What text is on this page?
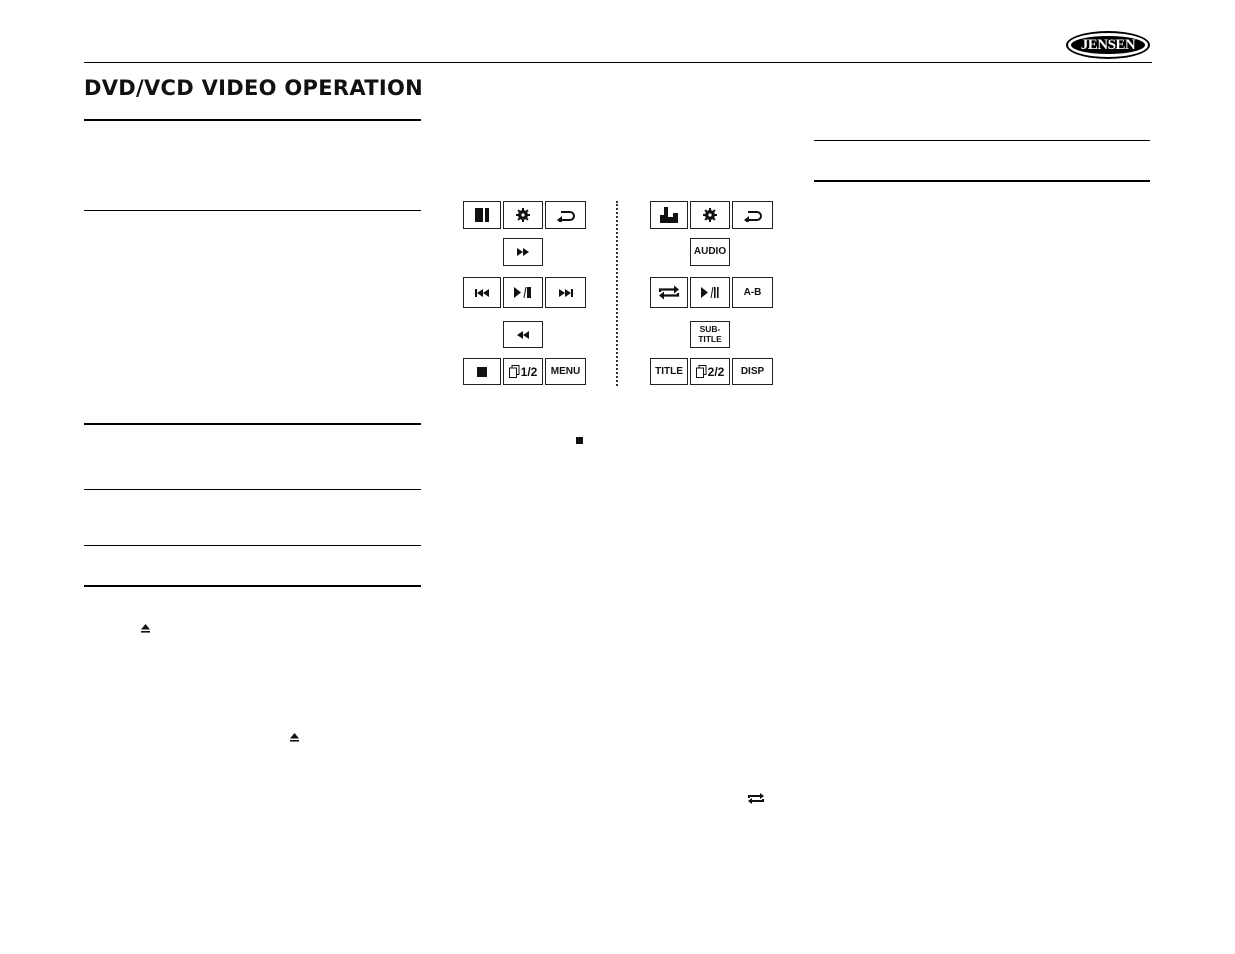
JENSEN
DVD/VCD VIDEO OPERATION
1/2 MENU
AUDIO
A-B
SUB-
TITLE
TITLE 2/2 DISP
